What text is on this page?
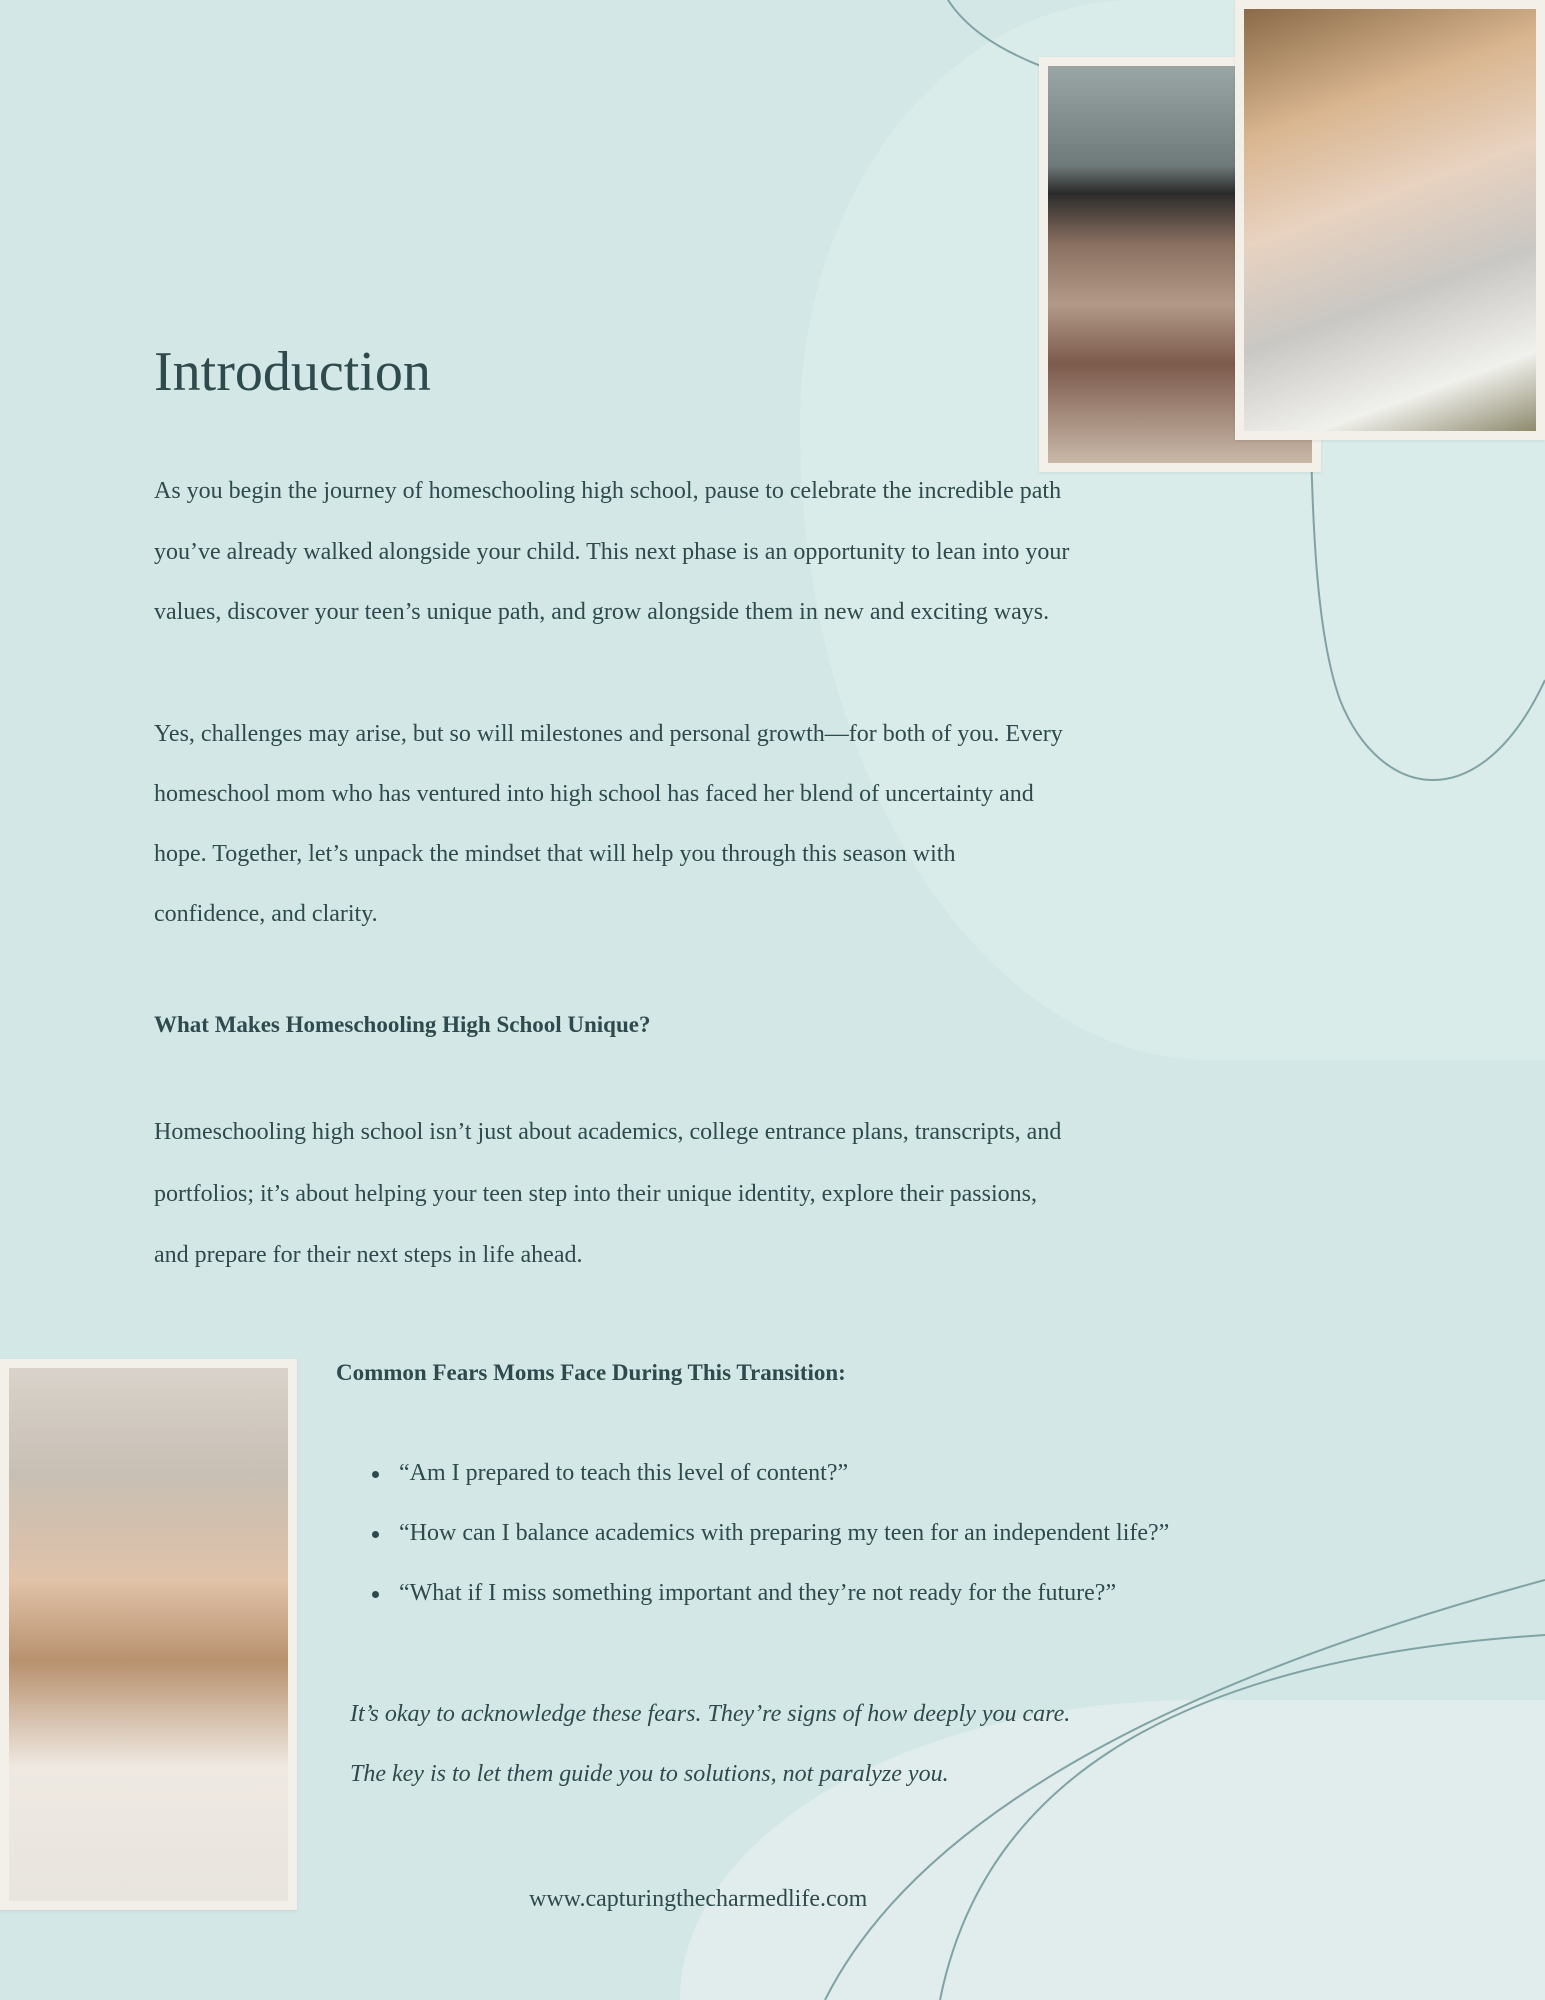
Introduction
As you begin the journey of homeschooling high school, pause to celebrate the incredible path
you’ve already walked alongside your child. This next phase is an opportunity to lean into your
values, discover your teen’s unique path, and grow alongside them in new and exciting ways.
Yes, challenges may arise, but so will milestones and personal growth—for both of you. Every
homeschool mom who has ventured into high school has faced her blend of uncertainty and
hope. Together, let’s unpack the mindset that will help you through this season with
confidence, and clarity.
What Makes Homeschooling High School Unique?
Homeschooling high school isn’t just about academics, college entrance plans, transcripts, and
portfolios; it’s about helping your teen step into their unique identity, explore their passions,
and prepare for their next steps in life ahead.
Common Fears Moms Face During This Transition:
“Am I prepared to teach this level of content?”
“How can I balance academics with preparing my teen for an independent life?”
“What if I miss something important and they’re not ready for the future?”
It’s okay to acknowledge these fears. They’re signs of how deeply you care.
The key is to let them guide you to solutions, not paralyze you.
www.capturingthecharmedlife.com
